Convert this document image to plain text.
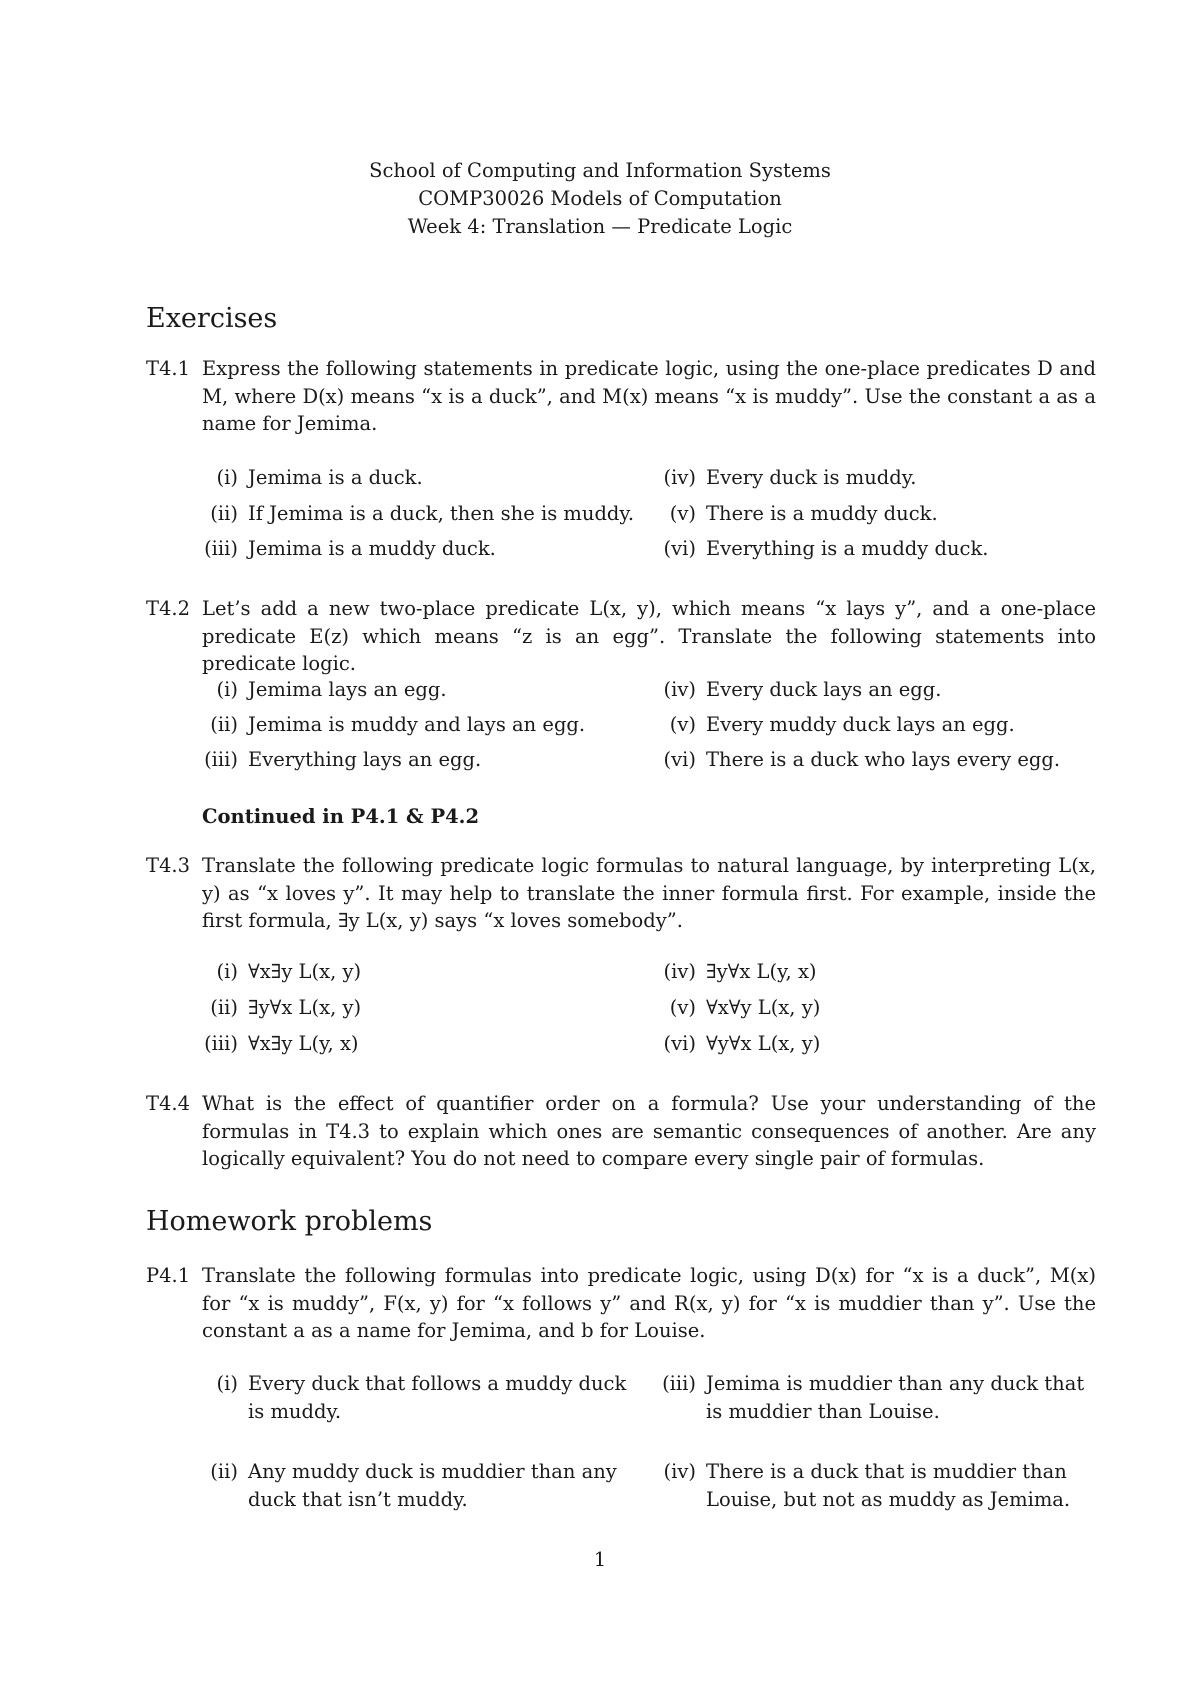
School of Computing and Information Systems
COMP30026 Models of Computation
Week 4: Translation — Predicate Logic
Exercises
T4.1 Express the following statements in predicate logic, using the one-place predicates D and M, where D(x) means “x is a duck”, and M(x) means “x is muddy”. Use the constant a as a name for Jemima.
(i) Jemima is a duck.
(ii) If Jemima is a duck, then she is muddy.
(iii) Jemima is a muddy duck.
(iv) Every duck is muddy.
(v) There is a muddy duck.
(vi) Everything is a muddy duck.
T4.2 Let’s add a new two-place predicate L(x, y), which means “x lays y”, and a one-place predicate E(z) which means “z is an egg”. Translate the following statements into predicate logic.
(i) Jemima lays an egg.
(ii) Jemima is muddy and lays an egg.
(iii) Everything lays an egg.
(iv) Every duck lays an egg.
(v) Every muddy duck lays an egg.
(vi) There is a duck who lays every egg.
Continued in P4.1 & P4.2
T4.3 Translate the following predicate logic formulas to natural language, by interpreting L(x, y) as “x loves y”. It may help to translate the inner formula first. For example, inside the first formula, ∃y L(x, y) says “x loves somebody”.
(i) ∀x∃y L(x, y)
(ii) ∃y∀x L(x, y)
(iii) ∀x∃y L(y, x)
(iv) ∃y∀x L(y, x)
(v) ∀x∀y L(x, y)
(vi) ∀y∀x L(x, y)
T4.4 What is the effect of quantifier order on a formula? Use your understanding of the formulas in T4.3 to explain which ones are semantic consequences of another. Are any logically equivalent? You do not need to compare every single pair of formulas.
Homework problems
P4.1 Translate the following formulas into predicate logic, using D(x) for “x is a duck”, M(x) for “x is muddy”, F(x, y) for “x follows y” and R(x, y) for “x is muddier than y”. Use the constant a as a name for Jemima, and b for Louise.
(i) Every duck that follows a muddy duck is muddy.
(ii) Any muddy duck is muddier than any duck that isn’t muddy.
(iii) Jemima is muddier than any duck that is muddier than Louise.
(iv) There is a duck that is muddier than Louise, but not as muddy as Jemima.
1
